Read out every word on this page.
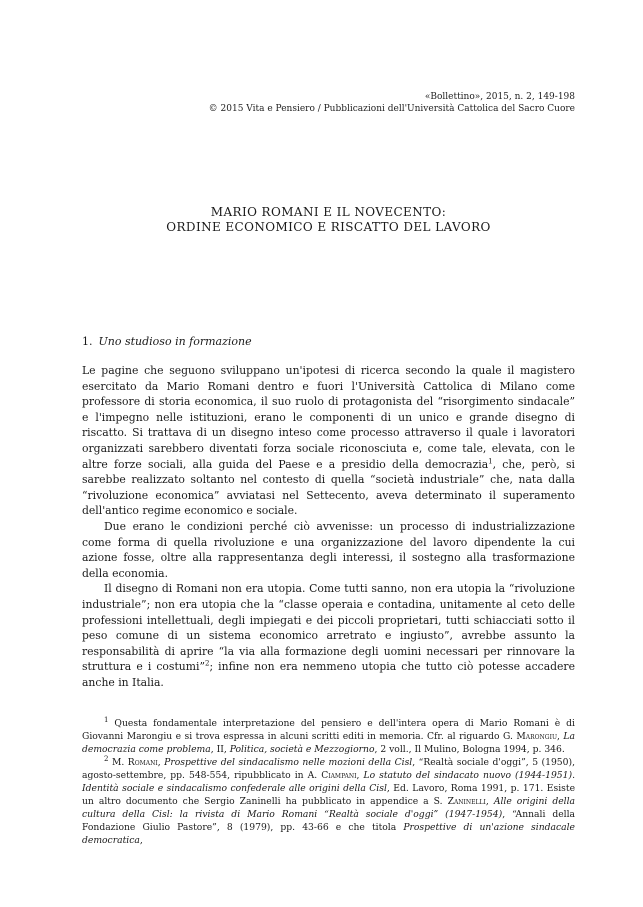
«Bollettino», 2015, n. 2, 149-198
© 2015 Vita e Pensiero / Pubblicazioni dell'Università Cattolica del Sacro Cuore
MARIO ROMANI E IL NOVECENTO:
ORDINE ECONOMICO E RISCATTO DEL LAVORO
1. Uno studioso in formazione

Le pagine che seguono sviluppano un'ipotesi di ricerca secondo la quale il magistero esercitato da Mario Romani dentro e fuori l'Università Cattolica di Milano come professore di storia economica, il suo ruolo di protagonista del “risorgimento sindacale” e l'impegno nelle istituzioni, erano le componenti di un unico e grande disegno di riscatto. Si trattava di un disegno inteso come processo attraverso il quale i lavoratori organizzati sarebbero diventati forza sociale riconosciuta e, come tale, elevata, con le altre forze sociali, alla guida del Paese e a presidio della democrazia$^1$, che, però, si sarebbe realizzato soltanto nel contesto di quella “società industriale” che, nata dalla “rivoluzione economica” avviatasi nel Settecento, aveva determinato il superamento dell'antico regime economico e sociale.

Due erano le condizioni perché ciò avvenisse: un processo di industrializzazione come forma di quella rivoluzione e una organizzazione del lavoro dipendente la cui azione fosse, oltre alla rappresentanza degli interessi, il sostegno alla trasformazione della economia.

Il disegno di Romani non era utopia. Come tutti sanno, non era utopia la “rivoluzione industriale”; non era utopia che la “classe operaia e contadina, unitamente al ceto delle professioni intellettuali, degli impiegati e dei piccoli proprietari, tutti schiacciati sotto il peso comune di un sistema economico arretrato e ingiusto”, avrebbe assunto la responsabilità di aprire “la via alla formazione degli uomini necessari per rinnovare la struttura e i costumi”$^2$; infine non era nemmeno utopia che tutto ciò potesse accadere anche in Italia.

$^1$ Questa fondamentale interpretazione del pensiero e dell'intera opera di Mario Romani è di Giovanni Marongiu e si trova espressa in alcuni scritti editi in memoria. Cfr. al riguardo G. Marongiu, La democrazia come problema, II, Politica, società e Mezzogiorno, 2 voll., Il Mulino, Bologna 1994, p. 346.

$^2$ M. Romani, Prospettive del sindacalismo nelle mozioni della Cisl, “Realtà sociale d'oggi”, 5 (1950), agosto-settembre, pp. 548-554, ripubblicato in A. Ciampani, Lo statuto del sindacato nuovo (1944-1951). Identità sociale e sindacalismo confederale alle origini della Cisl, Ed. Lavoro, Roma 1991, p. 171. Esiste un altro documento che Sergio Zaninelli ha pubblicato in appendice a S. Zaninelli, Alle origini della cultura della Cisl: la rivista di Mario Romani “Realtà sociale d'oggi” (1947-1954), “Annali della Fondazione Giulio Pastore”, 8 (1979), pp. 43-66 e che titola Prospettive di un'azione sindacale democratica,
